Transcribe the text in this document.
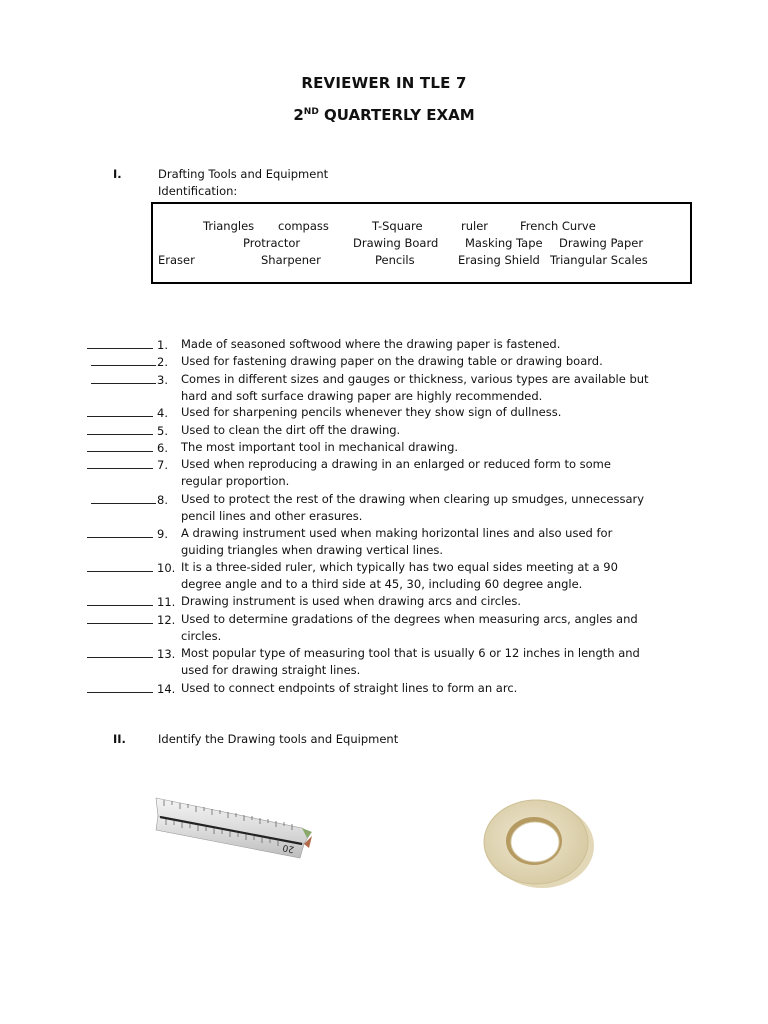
REVIEWER IN TLE 7
2ND QUARTERLY EXAM
I.	Drafting Tools and Equipment
Identification:
Triangles compass	T-Square	ruler	French Curve
Protractor	Drawing Board Masking Tape Drawing Paper
Eraser	Sharpener	Pencils	Erasing Shield Triangular Scales
1. Made of seasoned softwood where the drawing paper is fastened.
2. Used for fastening drawing paper on the drawing table or drawing board.
3. Comes in different sizes and gauges or thickness, various types are available but
hard and soft surface drawing paper are highly recommended.
4. Used for sharpening pencils whenever they show sign of dullness.
5. Used to clean the dirt off the drawing.
6. The most important tool in mechanical drawing.
7. Used when reproducing a drawing in an enlarged or reduced form to some
regular proportion.
8. Used to protect the rest of the drawing when clearing up smudges, unnecessary
pencil lines and other erasures.
9. A drawing instrument used when making horizontal lines and also used for
guiding triangles when drawing vertical lines.
10. It is a three-sided ruler, which typically has two equal sides meeting at a 90
degree angle and to a third side at 45, 30, including 60 degree angle.
11. Drawing instrument is used when drawing arcs and circles.
12. Used to determine gradations of the degrees when measuring arcs, angles and
circles.
13. Most popular type of measuring tool that is usually 6 or 12 inches in length and
used for drawing straight lines.
14. Used to connect endpoints of straight lines to form an arc.
II.	Identify the Drawing tools and Equipment
20
